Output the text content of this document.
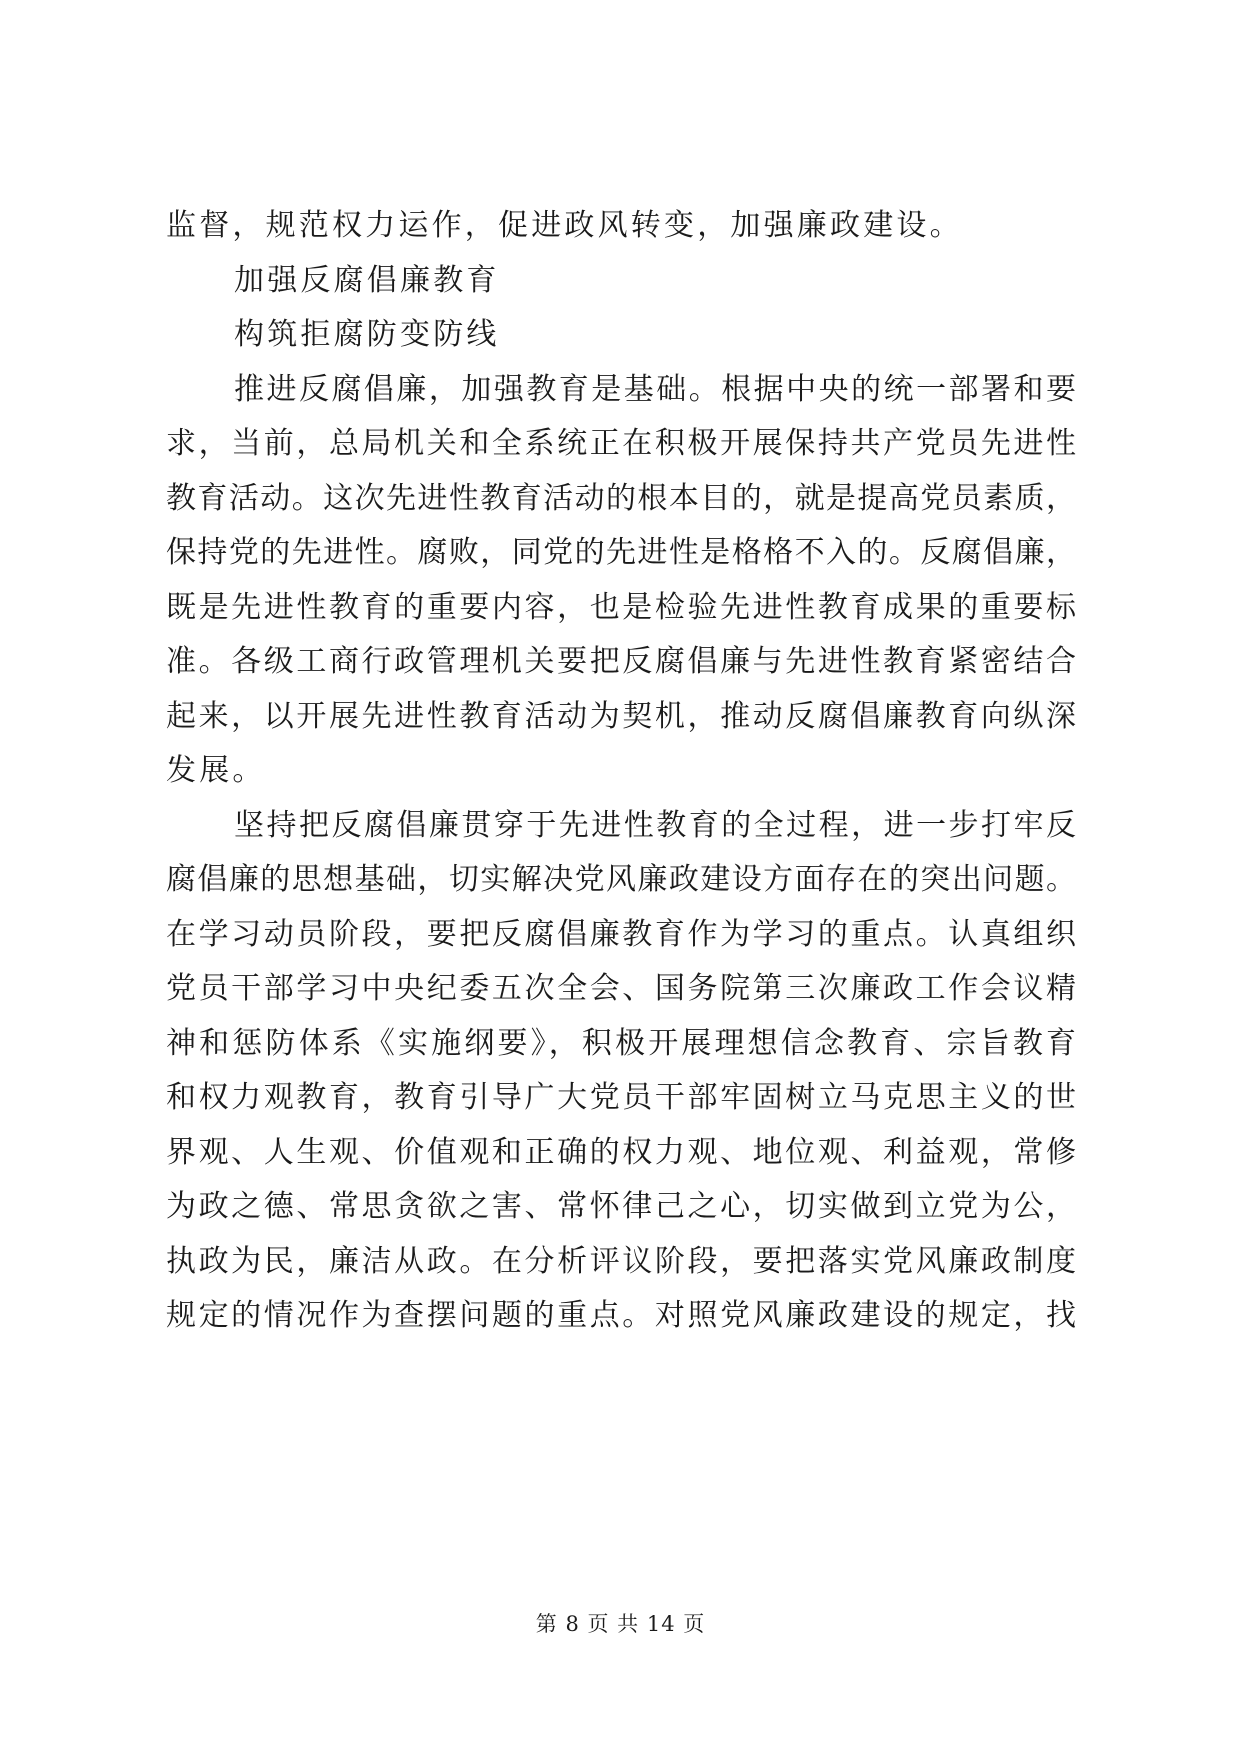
监督，规范权力运作，促进政风转变，加强廉政建设。
加强反腐倡廉教育
构筑拒腐防变防线
推进反腐倡廉，加强教育是基础。根据中央的统一部署和要
求，当前，总局机关和全系统正在积极开展保持共产党员先进性
教育活动。这次先进性教育活动的根本目的，就是提高党员素质，
保持党的先进性。腐败，同党的先进性是格格不入的。反腐倡廉，
既是先进性教育的重要内容，也是检验先进性教育成果的重要标
准。各级工商行政管理机关要把反腐倡廉与先进性教育紧密结合
起来，以开展先进性教育活动为契机，推动反腐倡廉教育向纵深
发展。
坚持把反腐倡廉贯穿于先进性教育的全过程，进一步打牢反
腐倡廉的思想基础，切实解决党风廉政建设方面存在的突出问题。
在学习动员阶段，要把反腐倡廉教育作为学习的重点。认真组织
党员干部学习中央纪委五次全会、国务院第三次廉政工作会议精
神和惩防体系《实施纲要》，积极开展理想信念教育、宗旨教育
和权力观教育，教育引导广大党员干部牢固树立马克思主义的世
界观、人生观、价值观和正确的权力观、地位观、利益观，常修
为政之德、常思贪欲之害、常怀律己之心，切实做到立党为公，
执政为民，廉洁从政。在分析评议阶段，要把落实党风廉政制度
规定的情况作为查摆问题的重点。对照党风廉政建设的规定，找
第 8 页 共 14 页
